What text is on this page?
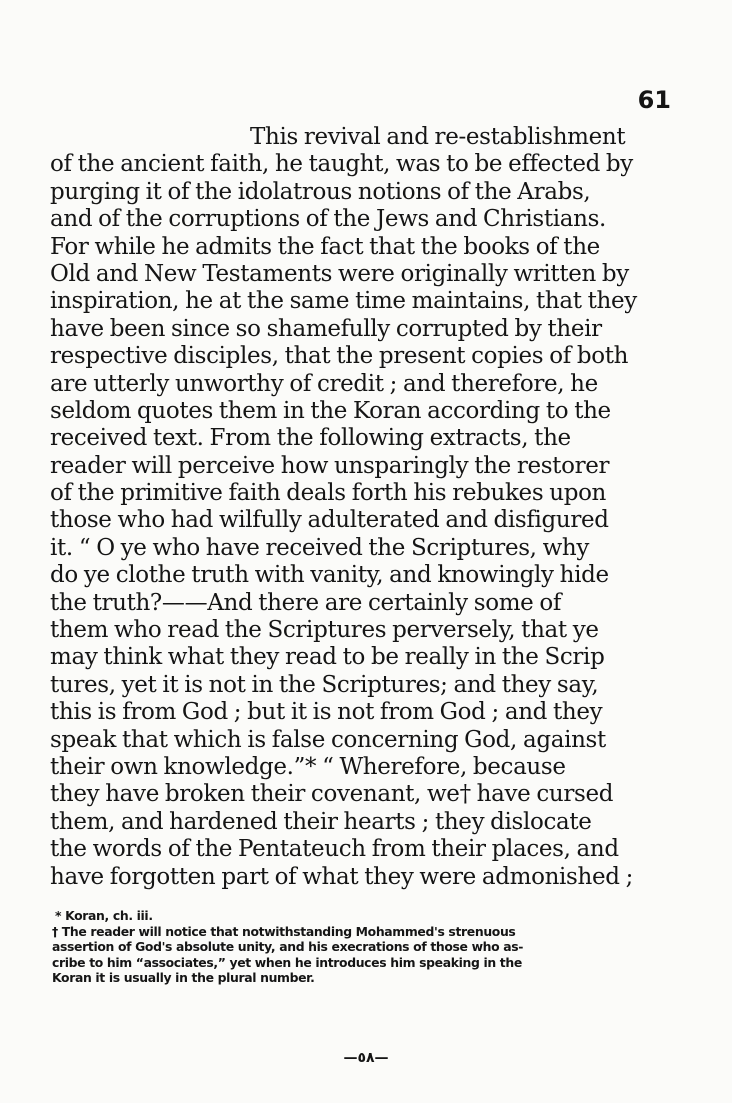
61
This revival and re-establishment
of the ancient faith, he taught, was to be effected by
purging it of the idolatrous notions of the Arabs,
and of the corruptions of the Jews and Christians.
For while he admits the fact that the books of the
Old and New Testaments were originally written by
inspiration, he at the same time maintains, that they
have been since so shamefully corrupted by their
respective disciples, that the present copies of both
are utterly unworthy of credit ; and therefore, he
seldom quotes them in the Koran according to the
received text. From the following extracts, the
reader will perceive how unsparingly the restorer
of the primitive faith deals forth his rebukes upon
those who had wilfully adulterated and disfigured
it. “ O ye who have received the Scriptures, why
do ye clothe truth with vanity, and knowingly hide
the truth?——And there are certainly some of
them who read the Scriptures perversely, that ye
may think what they read to be really in the Scrip
tures, yet it is not in the Scriptures; and they say,
this is from God ; but it is not from God ; and they
speak that which is false concerning God, against
their own knowledge.”* “ Wherefore, because
they have broken their covenant, we† have cursed
them, and hardened their hearts ; they dislocate
the words of the Pentateuch from their places, and
have forgotten part of what they were admonished ;
* Koran, ch. iii.
† The reader will notice that notwithstanding Mohammed's strenuous
assertion of God's absolute unity, and his execrations of those who as-
cribe to him “associates,” yet when he introduces him speaking in the
Koran it is usually in the plural number.
—٥٨—
